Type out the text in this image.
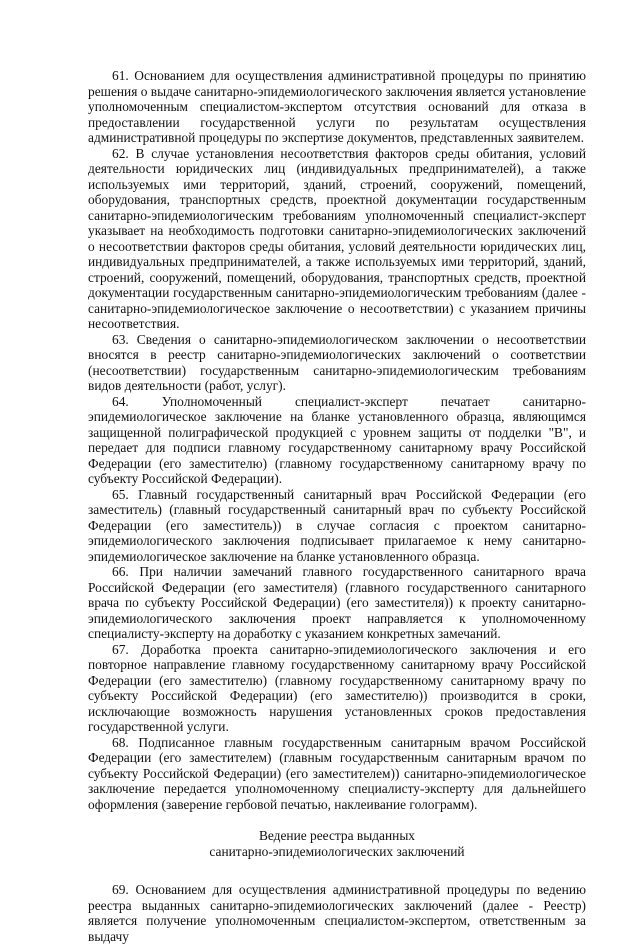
61. Основанием для осуществления административной процедуры по принятию решения о выдаче санитарно-эпидемиологического заключения является установление уполномоченным специалистом-экспертом отсутствия оснований для отказа в предоставлении государственной услуги по результатам осуществления административной процедуры по экспертизе документов, представленных заявителем.

62. В случае установления несоответствия факторов среды обитания, условий деятельности юридических лиц (индивидуальных предпринимателей), а также используемых ими территорий, зданий, строений, сооружений, помещений, оборудования, транспортных средств, проектной документации государственным санитарно-эпидемиологическим требованиям уполномоченный специалист-эксперт указывает на необходимость подготовки санитарно-эпидемиологических заключений о несоответствии факторов среды обитания, условий деятельности юридических лиц, индивидуальных предпринимателей, а также используемых ими территорий, зданий, строений, сооружений, помещений, оборудования, транспортных средств, проектной документации государственным санитарно-эпидемиологическим требованиям (далее - санитарно-эпидемиологическое заключение о несоответствии) с указанием причины несоответствия.

63. Сведения о санитарно-эпидемиологическом заключении о несоответствии вносятся в реестр санитарно-эпидемиологических заключений о соответствии (несоответствии) государственным санитарно-эпидемиологическим требованиям видов деятельности (работ, услуг).

64. Уполномоченный специалист-эксперт печатает санитарно-эпидемиологическое заключение на бланке установленного образца, являющимся защищенной полиграфической продукцией с уровнем защиты от подделки "В", и передает для подписи главному государственному санитарному врачу Российской Федерации (его заместителю) (главному государственному санитарному врачу по субъекту Российской Федерации).

65. Главный государственный санитарный врач Российской Федерации (его заместитель) (главный государственный санитарный врач по субъекту Российской Федерации (его заместитель)) в случае согласия с проектом санитарно-эпидемиологического заключения подписывает прилагаемое к нему санитарно-эпидемиологическое заключение на бланке установленного образца.

66. При наличии замечаний главного государственного санитарного врача Российской Федерации (его заместителя) (главного государственного санитарного врача по субъекту Российской Федерации) (его заместителя)) к проекту санитарно-эпидемиологического заключения проект направляется к уполномоченному специалисту-эксперту на доработку с указанием конкретных замечаний.

67. Доработка проекта санитарно-эпидемиологического заключения и его повторное направление главному государственному санитарному врачу Российской Федерации (его заместителю) (главному государственному санитарному врачу по субъекту Российской Федерации) (его заместителю)) производится в сроки, исключающие возможность нарушения установленных сроков предоставления государственной услуги.

68. Подписанное главным государственным санитарным врачом Российской Федерации (его заместителем) (главным государственным санитарным врачом по субъекту Российской Федерации) (его заместителем)) санитарно-эпидемиологическое заключение передается уполномоченному специалисту-эксперту для дальнейшего оформления (заверение гербовой печатью, наклеивание голограмм).

Ведение реестра выданных
санитарно-эпидемиологических заключений

69. Основанием для осуществления административной процедуры по ведению реестра выданных санитарно-эпидемиологических заключений (далее - Реестр) является получение уполномоченным специалистом-экспертом, ответственным за выдачу
